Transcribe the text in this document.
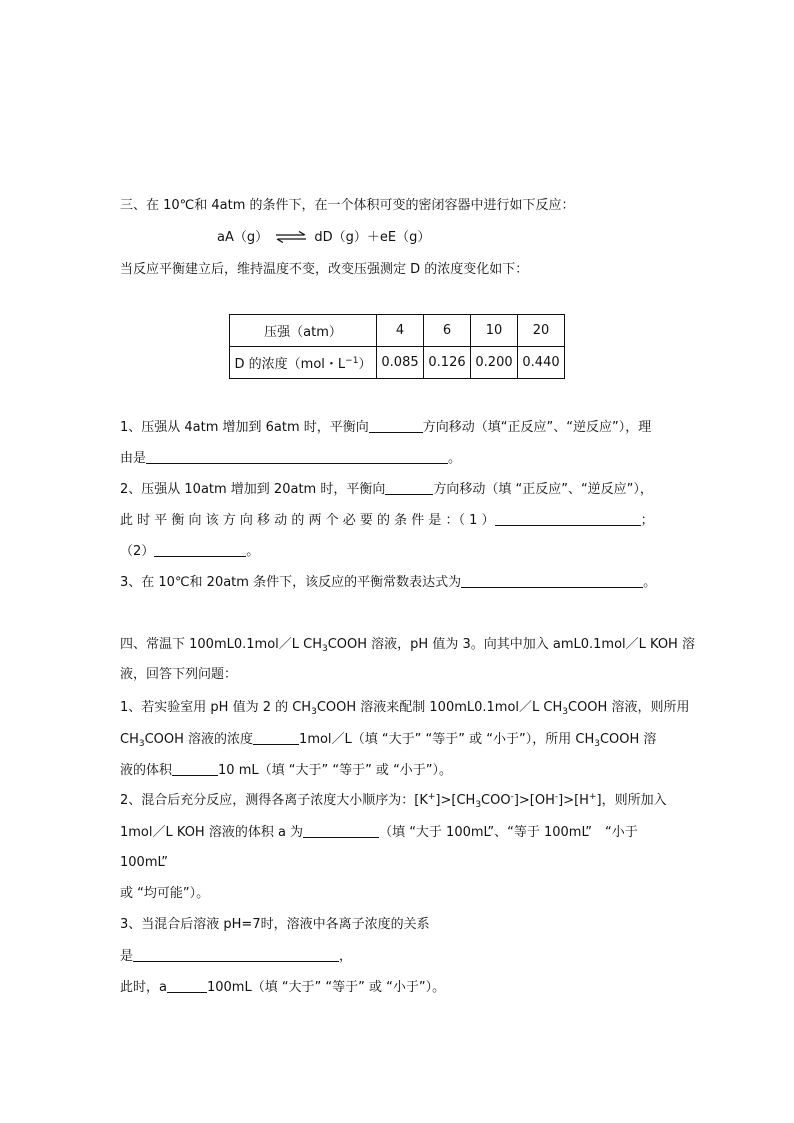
三、在 10℃和 4atm 的条件下，在一个体积可变的密闭容器中进行如下反应：
aA（g） ⇌ dD（g）＋eE（g）
当反应平衡建立后，维持温度不变，改变压强测定 D 的浓度变化如下：
压强（atm）	4	6	10	20
D 的浓度（mol・$L^{-1}$）	0.085	0.126	0.200	0.440
1、压强从 4atm 增加到 6atm 时，平衡向	方向移动（填“正反应”、“逆反应”），理
由是	。
2、压强从 10atm 增加到 20atm 时，平衡向	方向移动（填 “正反应”、“逆反应”），
此 时 平 衡 向 该 方 向 移 动 的 两 个 必 要 的 条 件 是 ：（ 1 ）	；
（2）	。
3、在 10℃和 20atm 条件下，该反应的平衡常数表达式为	。
四、常温下 100mL0.1mol／L $CH_3COOH$ 溶液，pH 值为 3。向其中加入 amL0.1mol／L KOH 溶
液，回答下列问题：
1、若实验室用 pH 值为 2 的 $CH_3COOH$ 溶液来配制 100mL0.1mol／L $CH_3COOH$ 溶液，则所用
$CH_3COOH$ 溶液的浓度	1mol／L（填 “大于” “等于” 或 “小于”），所用 $CH_3COOH$ 溶
液的体积	10 mL（填 “大于” “等于” 或 “小于”）。
2、混合后充分反应，测得各离子浓度大小顺序为：$[K^+]>[CH_3COO^-]>[OH^-]>[H^+]$，则所加入
1mol／L KOH 溶液的体积 a 为	（填 “大于 100mL”、“等于 100mL”　“小于
100mL”
或 “均可能”）。
3、当混合后溶液 pH=7时，溶液中各离子浓度的关系
是	，
此时，a	100mL（填 “大于” “等于” 或 “小于”）。
